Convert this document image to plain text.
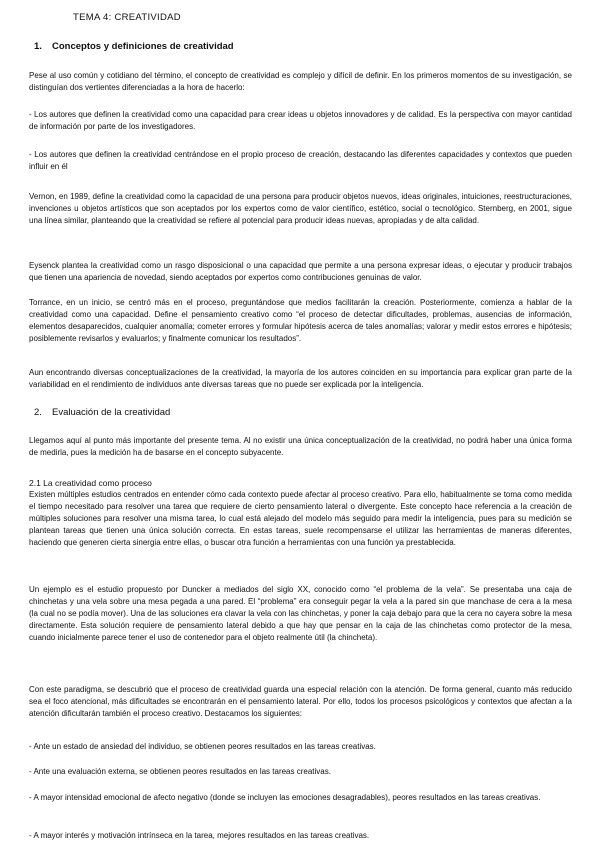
TEMA 4: CREATIVIDAD
1. Conceptos y definiciones de creatividad

Pese al uso común y cotidiano del término, el concepto de creatividad es complejo y difícil de definir. En los primeros momentos de su investigación, se distinguían dos vertientes diferenciadas a la hora de hacerlo:

- Los autores que definen la creatividad como una capacidad para crear ideas u objetos innovadores y de calidad. Es la perspectiva con mayor cantidad de información por parte de los investigadores.

- Los autores que definen la creatividad centrándose en el propio proceso de creación, destacando las diferentes capacidades y contextos que pueden influir en él

Vernon, en 1989, define la creatividad como la capacidad de una persona para producir objetos nuevos, ideas originales, intuiciones, reestructuraciones, invenciones u objetos artísticos que son aceptados por los expertos como de valor científico, estético, social o tecnológico. Sternberg, en 2001, sigue una línea similar, planteando que la creatividad se refiere al potencial para producir ideas nuevas, apropiadas y de alta calidad.

Eysenck plantea la creatividad como un rasgo disposicional o una capacidad que permite a una persona expresar ideas, o ejecutar y producir trabajos que tienen una apariencia de novedad, siendo aceptados por expertos como contribuciones genuinas de valor.

Torrance, en un inicio, se centró más en el proceso, preguntándose que medios facilitarán la creación. Posteriormente, comienza a hablar de la creatividad como una capacidad. Define el pensamiento creativo como “el proceso de detectar dificultades, problemas, ausencias de información, elementos desaparecidos, cualquier anomalía; cometer errores y formular hipótesis acerca de tales anomalías; valorar y medir estos errores e hipótesis; posiblemente revisarlos y evaluarlos; y finalmente comunicar los resultados”.

Aun encontrando diversas conceptualizaciones de la creatividad, la mayoría de los autores coinciden en su importancia para explicar gran parte de la variabilidad en el rendimiento de individuos ante diversas tareas que no puede ser explicada por la inteligencia.

2. Evaluación de la creatividad

Llegamos aquí al punto más importante del presente tema. Al no existir una única conceptualización de la creatividad, no podrá haber una única forma de medirla, pues la medición ha de basarse en el concepto subyacente.

2.1 La creatividad como proceso

Existen múltiples estudios centrados en entender cómo cada contexto puede afectar al proceso creativo. Para ello, habitualmente se toma como medida el tiempo necesitado para resolver una tarea que requiere de cierto pensamiento lateral o divergente. Este concepto hace referencia a la creación de múltiples soluciones para resolver una misma tarea, lo cual está alejado del modelo más seguido para medir la inteligencia, pues para su medición se plantean tareas que tienen una única solución correcta. En estas tareas, suele recompensarse el utilizar las herramientas de maneras diferentes, haciendo que generen cierta sinergia entre ellas, o buscar otra función a herramientas con una función ya prestablecida.

Un ejemplo es el estudio propuesto por Duncker a mediados del siglo XX, conocido como “el problema de la vela”. Se presentaba una caja de chinchetas y una vela sobre una mesa pegada a una pared. El “problema” era conseguir pegar la vela a la pared sin que manchase de cera a la mesa (la cual no se podía mover). Una de las soluciones era clavar la vela con las chinchetas, y poner la caja debajo para que la cera no cayera sobre la mesa directamente. Esta solución requiere de pensamiento lateral debido a que hay que pensar en la caja de las chinchetas como protector de la mesa, cuando inicialmente parece tener el uso de contenedor para el objeto realmente útil (la chincheta).

Con este paradigma, se descubrió que el proceso de creatividad guarda una especial relación con la atención. De forma general, cuanto más reducido sea el foco atencional, más dificultades se encontrarán en el pensamiento lateral. Por ello, todos los procesos psicológicos y contextos que afectan a la atención dificultarán también el proceso creativo. Destacamos los siguientes:

- Ante un estado de ansiedad del individuo, se obtienen peores resultados en las tareas creativas.

- Ante una evaluación externa, se obtienen peores resultados en las tareas creativas.

- A mayor intensidad emocional de afecto negativo (donde se incluyen las emociones desagradables), peores resultados en las tareas creativas.

- A mayor interés y motivación intrínseca en la tarea, mejores resultados en las tareas creativas.
